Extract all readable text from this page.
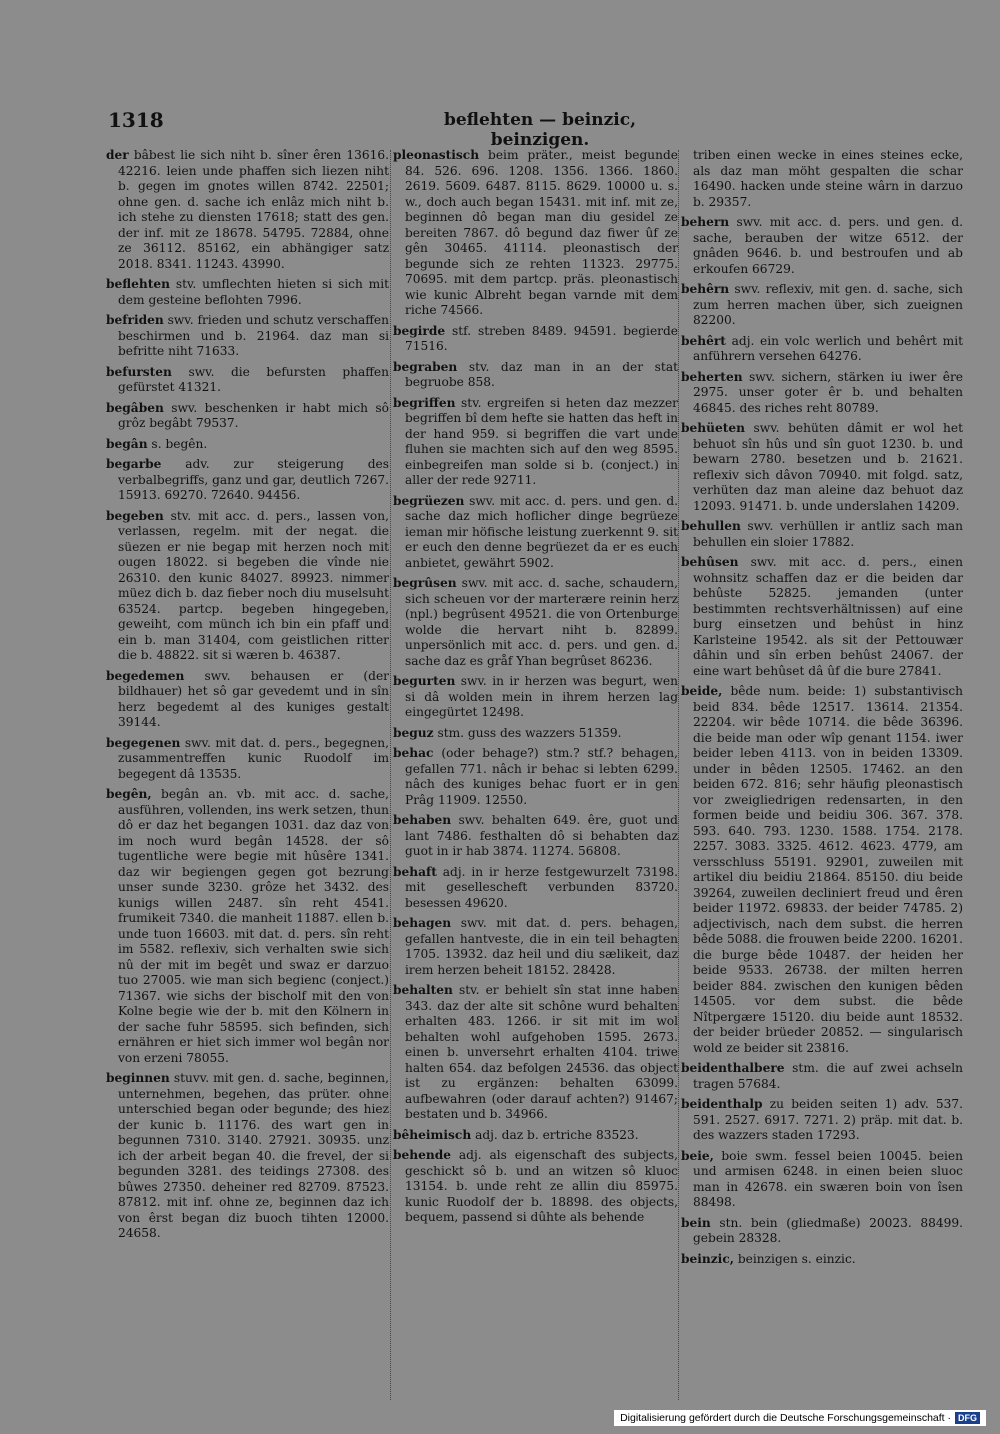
1318	beflehten — beinzic, beinzigen.

der bâbest lie sich niht b. sîner êren 13616. 42216. leien unde phaffen sich liezen niht b. gegen im gnotes willen 8742. 22501; ohne gen. d. sache ich enlâz mich niht b. ich stehe zu diensten 17618; statt des gen. der inf. mit ze 18678. 54795. 72884, ohne ze 36112. 85162, ein abhängiger satz 2018. 8341. 11243. 43990.

beflehten stv. umflechten hieten si sich mit dem gesteine beflohten 7996.

befriden swv. frieden und schutz verschaffen beschirmen und b. 21964. daz man si befritte niht 71633.

befursten swv. die befursten phaffen gefürstet 41321.

begâben swv. beschenken ir habt mich sô grôz begâbt 79537.

begân s. begên.

begarbe adv. zur steigerung des verbalbegriffs, ganz und gar, deutlich 7267. 15913. 69270. 72640. 94456.

begeben stv. mit acc. d. pers., lassen von, verlassen, regelm. mit der negat. die süezen er nie begap mit herzen noch mit ougen 18022. si begeben die vînde nie 26310. den kunic 84027. 89923. nimmer müez dich b. daz fieber noch diu muselsuht 63524. partcp. begeben hingegeben, geweiht, com münch ich bin ein pfaff und ein b. man 31404, com geistlichen ritter die b. 48822. sit si wæren b. 46387.

begedemen swv. behausen er (der bildhauer) het sô gar gevedemt und in sîn herz begedemt al des kuniges gestalt 39144.

begegenen swv. mit dat. d. pers., begegnen, zusammentreffen kunic Ruodolf im begegent dâ 13535.

begên, begân an. vb. mit acc. d. sache, ausführen, vollenden, ins werk setzen, thun dô er daz het begangen 1031. daz daz von im noch wurd begân 14528. der sô tugentliche were begie mit hûsêre 1341. daz wir begiengen gegen got bezrung unser sunde 3230. grôze het 3432. des kunigs willen 2487. sîn reht 4541. frumikeit 7340. die manheit 11887. ellen b. unde tuon 16603. mit dat. d. pers. sîn reht im 5582. reflexiv, sich verhalten swie sich nû der mit im begêt und swaz er darzuo tuo 27005. wie man sich begienc (conject.) 71367. wie sichs der bischolf mit den von Kolne begie wie der b. mit den Kölnern in der sache fuhr 58595. sich befinden, sich ernähren er hiet sich immer wol begân nor von erzeni 78055.

beginnen stuvv. mit gen. d. sache, beginnen, unternehmen, begehen, das prüter. ohne unterschied began oder begunde; des hiez der kunic b. 11176. des wart gen in begunnen 7310. 3140. 27921. 30935. unz ich der arbeit began 40. die frevel, der si begunden 3281. des teidings 27308. des bûwes 27350. deheiner red 82709. 87523. 87812. mit inf. ohne ze, beginnen daz ich von êrst began diz buoch tihten 12000. 24658.

pleonastisch beim präter., meist begunde 84. 526. 696. 1208. 1356. 1366. 1860. 2619. 5609. 6487. 8115. 8629. 10000 u. s. w., doch auch began 15431. mit inf. mit ze, beginnen dô began man diu gesidel ze bereiten 7867. dô begund daz fiwer ûf ze gên 30465. 41114. pleonastisch der begunde sich ze rehten 11323. 29775. 70695. mit dem partcp. präs. pleonastisch wie kunic Albreht began varnde mit dem riche 74566.

begirde stf. streben 8489. 94591. begierde 71516.

begraben stv. daz man in an der stat begruobe 858.

begriffen stv. ergreifen si heten daz mezzer begriffen bî dem hefte sie hatten das heft in der hand 959. si begriffen die vart unde fluhen sie machten sich auf den weg 8595. einbegreifen man solde si b. (conject.) in aller der rede 92711.

begrüezen swv. mit acc. d. pers. und gen. d. sache daz mich hoflicher dinge begrüeze ieman mir höfische leistung zuerkennt 9. sit er euch den denne begrüezet da er es euch anbietet, gewährt 5902.

begrûsen swv. mit acc. d. sache, schaudern, sich scheuen vor der marterære reinin herz (npl.) begrûsent 49521. die von Ortenburge wolde die hervart niht b. 82899. unpersönlich mit acc. d. pers. und gen. d. sache daz es gråf Yhan begrûset 86236.

begurten swv. in ir herzen was begurt, wen si dâ wolden mein in ihrem herzen lag eingegürtet 12498.

beguz stm. guss des wazzers 51359.

behac (oder behage?) stm.? stf.? behagen, gefallen 771. nâch ir behac si lebten 6299. nâch des kuniges behac fuort er in gen Prâg 11909. 12550.

behaben swv. behalten 649. êre, guot und lant 7486. festhalten dô si behabten daz guot in ir hab 3874. 11274. 56808.

behaft adj. in ir herze festgewurzelt 73198. mit gesellescheft verbunden 83720. besessen 49620.

behagen swv. mit dat. d. pers. behagen, gefallen hantveste, die in ein teil behagten 1705. 13932. daz heil und diu sælikeit, daz irem herzen beheit 18152. 28428.

behalten stv. er behielt sîn stat inne haben 343. daz der alte sit schône wurd behalten erhalten 483. 1266. ir sit mit im wol behalten wohl aufgehoben 1595. 2673. einen b. unversehrt erhalten 4104. triwe halten 654. daz befolgen 24536. das object ist zu ergänzen: behalten 63099. aufbewahren (oder darauf achten?) 91467; bestaten und b. 34966.

bêheimisch adj. daz b. ertriche 83523.

behende adj. als eigenschaft des subjects, geschickt sô b. und an witzen sô kluoc 13154. b. unde reht ze allin diu 85975. kunic Ruodolf der b. 18898. des objects, bequem, passend si dûhte als behende

triben einen wecke in eines steines ecke, als daz man möht gespalten die schar 16490. hacken unde steine wârn in darzuo b. 29357.

behern swv. mit acc. d. pers. und gen. d. sache, berauben der witze 6512. der gnâden 9646. b. und bestroufen und ab erkoufen 66729.

behêrn swv. reflexiv, mit gen. d. sache, sich zum herren machen über, sich zueignen 82200.

behêrt adj. ein volc werlich und behêrt mit anführern versehen 64276.

beherten swv. sichern, stärken iu iwer êre 2975. unser goter êr b. und behalten 46845. des riches reht 80789.

behüeten swv. behüten dâmit er wol het behuot sîn hûs und sîn guot 1230. b. und bewarn 2780. besetzen und b. 21621. reflexiv sich dâvon 70940. mit folgd. satz, verhüten daz man aleine daz behuot daz 12093. 91471. b. unde underslahen 14209.

behullen swv. verhüllen ir antliz sach man behullen ein sloier 17882.

behûsen swv. mit acc. d. pers., einen wohnsitz schaffen daz er die beiden dar behûste 52825. jemanden (unter bestimmten rechtsverhältnissen) auf eine burg einsetzen und behûst in hinz Karlsteine 19542. als sit der Pettouwær dâhin und sîn erben behûst 24067. der eine wart behûset dâ ûf die bure 27841.

beide, bêde num. beide: 1) substantivisch beid 834. bêde 12517. 13614. 21354. 22204. wir bêde 10714. die bêde 36396. die beide man oder wîp genant 1154. iwer beider leben 4113. von in beiden 13309. under in bêden 12505. 17462. an den beiden 672. 816; sehr häufig pleonastisch vor zweigliedrigen redensarten, in den formen beide und beidiu 306. 367. 378. 593. 640. 793. 1230. 1588. 1754. 2178. 2257. 3083. 3325. 4612. 4623. 4779, am versschluss 55191. 92901, zuweilen mit artikel diu beidiu 21864. 85150. diu beide 39264, zuweilen decliniert freud und êren beider 11972. 69833. der beider 74785. 2) adjectivisch, nach dem subst. die herren bêde 5088. die frouwen beide 2200. 16201. die burge bêde 10487. der heiden her beide 9533. 26738. der milten herren beider 884. zwischen den kunigen bêden 14505. vor dem subst. die bêde Nîtpergære 15120. diu beide aunt 18532. der beider brüeder 20852. — singularisch wold ze beider sit 23816.

beidenthalbere stm. die auf zwei achseln tragen 57684.

beidenthalp zu beiden seiten 1) adv. 537. 591. 2527. 6917. 7271. 2) präp. mit dat. b. des wazzers staden 17293.

beie, boie swm. fessel beien 10045. beien und armisen 6248. in einen beien sluoc man in 42678. ein swæren boin von îsen 88498.

bein stn. bein (gliedmaße) 20023. 88499. gebein 28328.

beinzic, beinzigen s. einzic.

Digitalisierung gefördert durch die Deutsche Forschungsgemeinschaft · DFG
